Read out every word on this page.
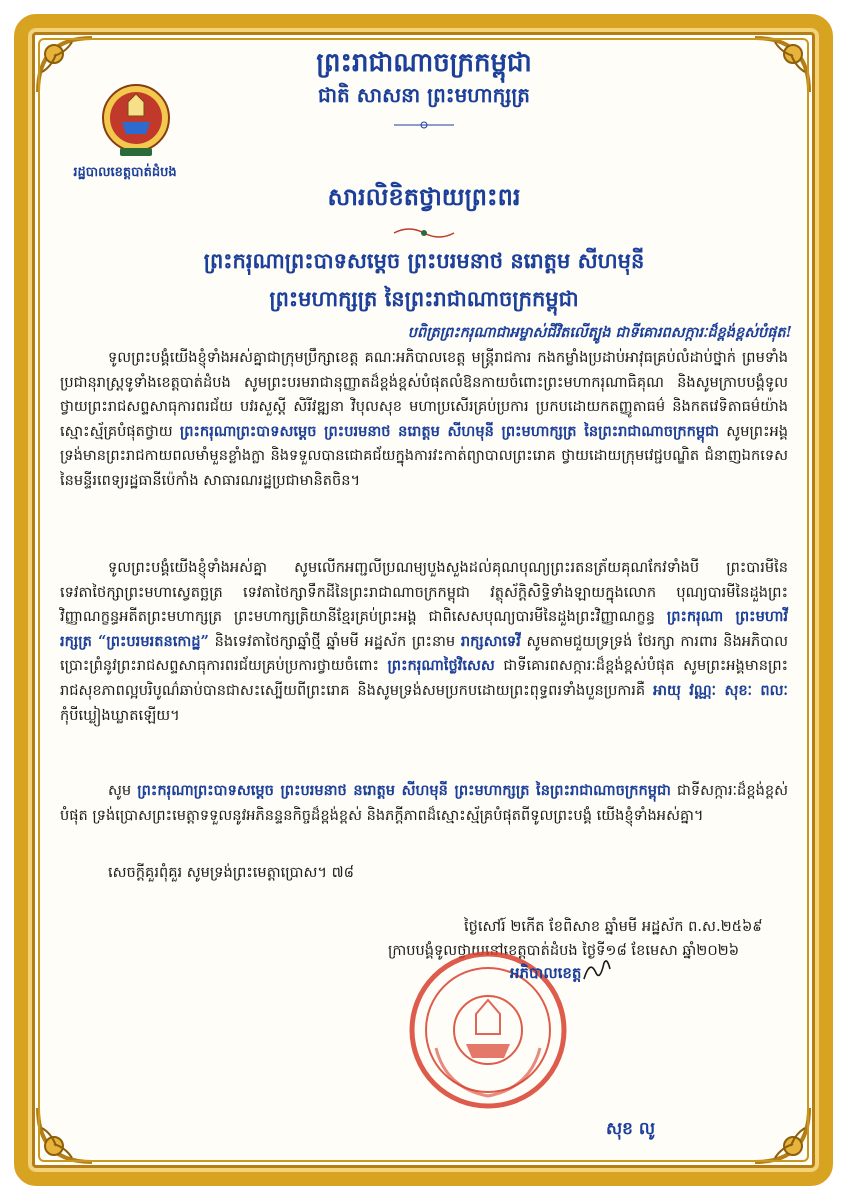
ព្រះរាជាណាចក្រកម្ពុជា
ជាតិ សាសនា ព្រះមហាក្សត្រ
រដ្ឋបាលខេត្តបាត់ដំបង
សារលិខិតថ្វាយព្រះពរ
ព្រះករុណាព្រះបាទសម្ដេច ព្រះបរមនាថ នរោត្តម សីហមុនី
ព្រះមហាក្សត្រ នៃព្រះរាជាណាចក្រកម្ពុជា
បពិត្រព្រះករុណាជាអម្ចាស់ជីវិតលើត្បូង ជាទីគោរពសក្ការៈដ៏ខ្ពង់ខ្ពស់បំផុត!
ទូលព្រះបង្គំយើងខ្ញុំទាំងអស់គ្នាជាក្រុមប្រឹក្សាខេត្ត គណៈអភិបាលខេត្ត មន្ត្រីរាជការ កងកម្លាំងប្រដាប់អាវុធគ្រប់លំដាប់ថ្នាក់ ព្រមទាំងប្រជានុរាស្ត្រទូទាំងខេត្តបាត់ដំបង សូមព្រះបរមរាជានុញ្ញាតដ៏ខ្ពង់ខ្ពស់បំផុតលំឱនកាយចំពោះព្រះមហាករុណាធិគុណ និងសូមក្រាបបង្គំទូលថ្វាយព្រះរាជសព្ទសាធុការពរជ័យ បវរសួស្ដី សិរីវឌ្ឍនា វិបុលសុខ មហាប្រសើរគ្រប់ប្រការ ប្រកបដោយកតញ្ញូតាធម៌ និងកតវេទិតាធម៌យ៉ាងស្មោះស្ម័គ្របំផុតថ្វាយ ព្រះករុណាព្រះបាទសម្ដេច ព្រះបរមនាថ នរោត្តម សីហមុនី ព្រះមហាក្សត្រ នៃព្រះរាជាណាចក្រកម្ពុជា សូមព្រះអង្គទ្រង់មានព្រះរាជកាយពលមាំមួនខ្លាំងក្លា និងទទួលបានជោគជ័យក្នុងការវះកាត់ព្យាបាលព្រះរោគ ថ្វាយដោយក្រុមវេជ្ជបណ្ឌិត ជំនាញឯកទេស នៃមន្ទីរពេទ្យរដ្ឋធានីប៉េកាំង សាធារណរដ្ឋប្រជាមានិតចិន។
ទូលព្រះបង្គំយើងខ្ញុំទាំងអស់គ្នា សូមលើកអញ្ជលីប្រណម្យបួងសួងដល់គុណបុណ្យព្រះរតនត្រ័យគុណកែវទាំងបី ព្រះបារមីនៃទេវតាថៃក្សាព្រះមហាស្វេតច្ឆត្រ ទេវតាថៃក្សាទឹកដីនៃព្រះរាជាណាចក្រកម្ពុជា វត្ថុស័ក្តិសិទ្ធិទាំងឡាយក្នុងលោក បុណ្យបារមីនៃដួងព្រះវិញ្ញាណក្ខន្ធអតីតព្រះមហាក្សត្រ ព្រះមហាក្សត្រិយានីខ្មែរគ្រប់ព្រះអង្គ ជាពិសេសបុណ្យបារមីនៃដួងព្រះវិញ្ញាណក្ខន្ធ ព្រះករុណា ព្រះមហាវីរក្សត្រ “ព្រះបរមរតនកោដ្ឋ” និងទេវតាថៃក្សាឆ្នាំថ្មី ឆ្នាំមមី អដ្ឋស័ក ព្រះនាម រាក្សសាទេវី សូមតាមជួយទ្រទ្រង់ ថែរក្សា ការពារ និងអភិបាល ប្រោះព្រំនូវព្រះរាជសព្ទសាធុការពរជ័យគ្រប់ប្រការថ្វាយចំពោះ ព្រះករុណាថ្លៃវិសេស ជាទីគោរពសក្ការៈដ៏ខ្ពង់ខ្ពស់បំផុត សូមព្រះអង្គមានព្រះរាជសុខភាពល្អបរិបូណ៌ឆាប់បានជាសះស្បើយពីព្រះរោគ និងសូមទ្រង់សមប្រកបដោយព្រះពុទ្ធពរទាំងបួនប្រការគឺ អាយុ វណ្ណៈ សុខៈ ពលៈ កុំបីឃ្លៀងឃ្លាតឡើយ។
សូម ព្រះករុណាព្រះបាទសម្ដេច ព្រះបរមនាថ នរោត្តម សីហមុនី ព្រះមហាក្សត្រ នៃព្រះរាជាណាចក្រកម្ពុជា ជាទីសក្ការៈដ៏ខ្ពង់ខ្ពស់បំផុត ទ្រង់ប្រោសព្រះមេត្តាទទួលនូវអភិនន្ទនកិច្ចដ៏ខ្ពង់ខ្ពស់ និងភក្ដីភាពដ៏ស្មោះស្ម័គ្របំផុតពីទូលព្រះបង្គំ យើងខ្ញុំទាំងអស់គ្នា។
សេចក្ដីគួរពុំគួរ សូមទ្រង់ព្រះមេត្តាប្រោស។ ៧៨
ថ្ងៃសៅរ៍ ២កើត ខែពិសាខ ឆ្នាំមមី អដ្ឋស័ក ព.ស.២៥៦៩
ក្រាបបង្គំទូលថ្វាយនៅខេត្តបាត់ដំបង ថ្ងៃទី១៨ ខែមេសា ឆ្នាំ២០២៦
អភិបាលខេត្ត
សុខ លូ
